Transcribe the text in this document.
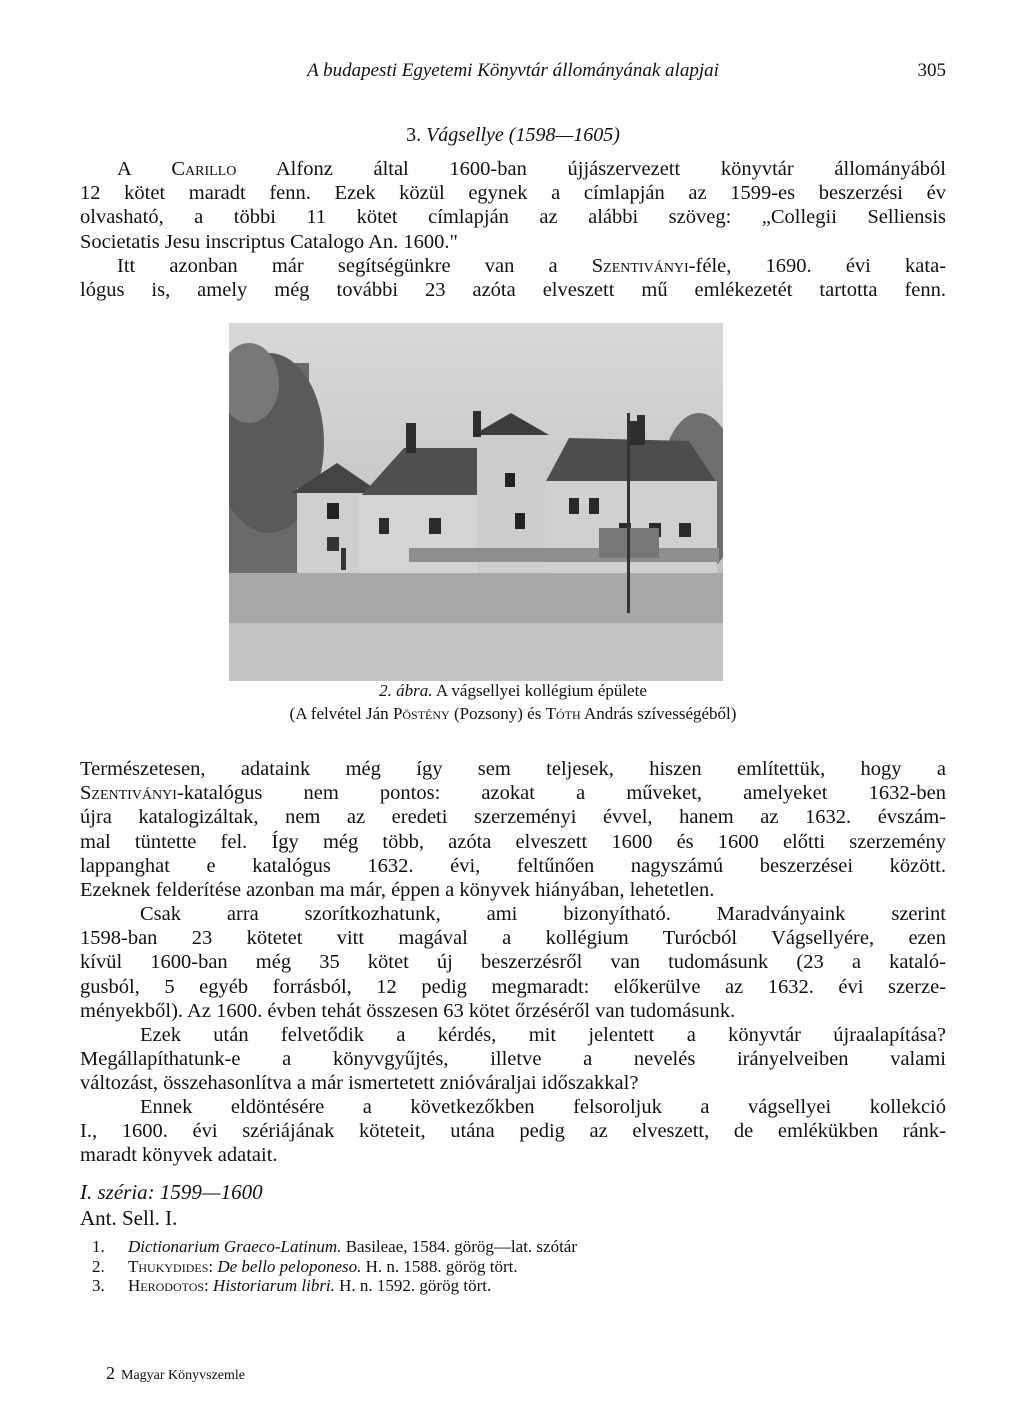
A budapesti Egyetemi Könyvtár állományának alapjai	305
3. Vágsellye (1598—1605)
A Carillo Alfonz által 1600-ban újjászervezett könyvtár állományából
12 kötet maradt fenn. Ezek közül egynek a címlapján az 1599-es beszerzési év
olvasható, a többi 11 kötet címlapján az alábbi szöveg: „Collegii Selliensis
Societatis Jesu inscriptus Catalogo An. 1600."
Itt azonban már segítségünkre van a Szentiványi-féle, 1690. évi kata-
lógus is, amely még további 23 azóta elveszett mű emlékezetét tartotta fenn.
2. ábra. A vágsellyei kollégium épülete
(A felvétel Ján Pöstény (Pozsony) és Tóth András szívességéből)
Természetesen, adataink még így sem teljesek, hiszen említettük, hogy a
Szentiványi-katalógus nem pontos: azokat a műveket, amelyeket 1632-ben
újra katalogizáltak, nem az eredeti szerzeményi évvel, hanem az 1632. évszám-
mal tüntette fel. Így még több, azóta elveszett 1600 és 1600 előtti szerzemény
lappanghat e katalógus 1632. évi, feltűnően nagyszámú beszerzései között.
Ezeknek felderítése azonban ma már, éppen a könyvek hiányában, lehetetlen.
Csak arra szorítkozhatunk, ami bizonyítható. Maradványaink szerint
1598-ban 23 kötetet vitt magával a kollégium Turócból Vágsellyére, ezen
kívül 1600-ban még 35 kötet új beszerzésről van tudomásunk (23 a kataló-
gusból, 5 egyéb forrásból, 12 pedig megmaradt: előkerülve az 1632. évi szerze-
ményekből). Az 1600. évben tehát összesen 63 kötet őrzéséről van tudomásunk.
Ezek után felvetődik a kérdés, mit jelentett a könyvtár újraalapítása?
Megállapíthatunk-e a könyvgyűjtés, illetve a nevelés irányelveiben valami
változást, összehasonlítva a már ismertetett znióváraljai időszakkal?
Ennek eldöntésére a következőkben felsoroljuk a vágsellyei kollekció
I., 1600. évi szériájának köteteit, utána pedig az elveszett, de emlékükben ránk-
maradt könyvek adatait.
I. széria: 1599—1600
Ant. Sell. I.
1. Dictionarium Graeco-Latinum. Basileae, 1584. görög—lat. szótár
2. Thukydides: De bello peloponeso. H. n. 1588. görög tört.
3. Herodotos: Historiarum libri. H. n. 1592. görög tört.
2 Magyar Könyvszemle
